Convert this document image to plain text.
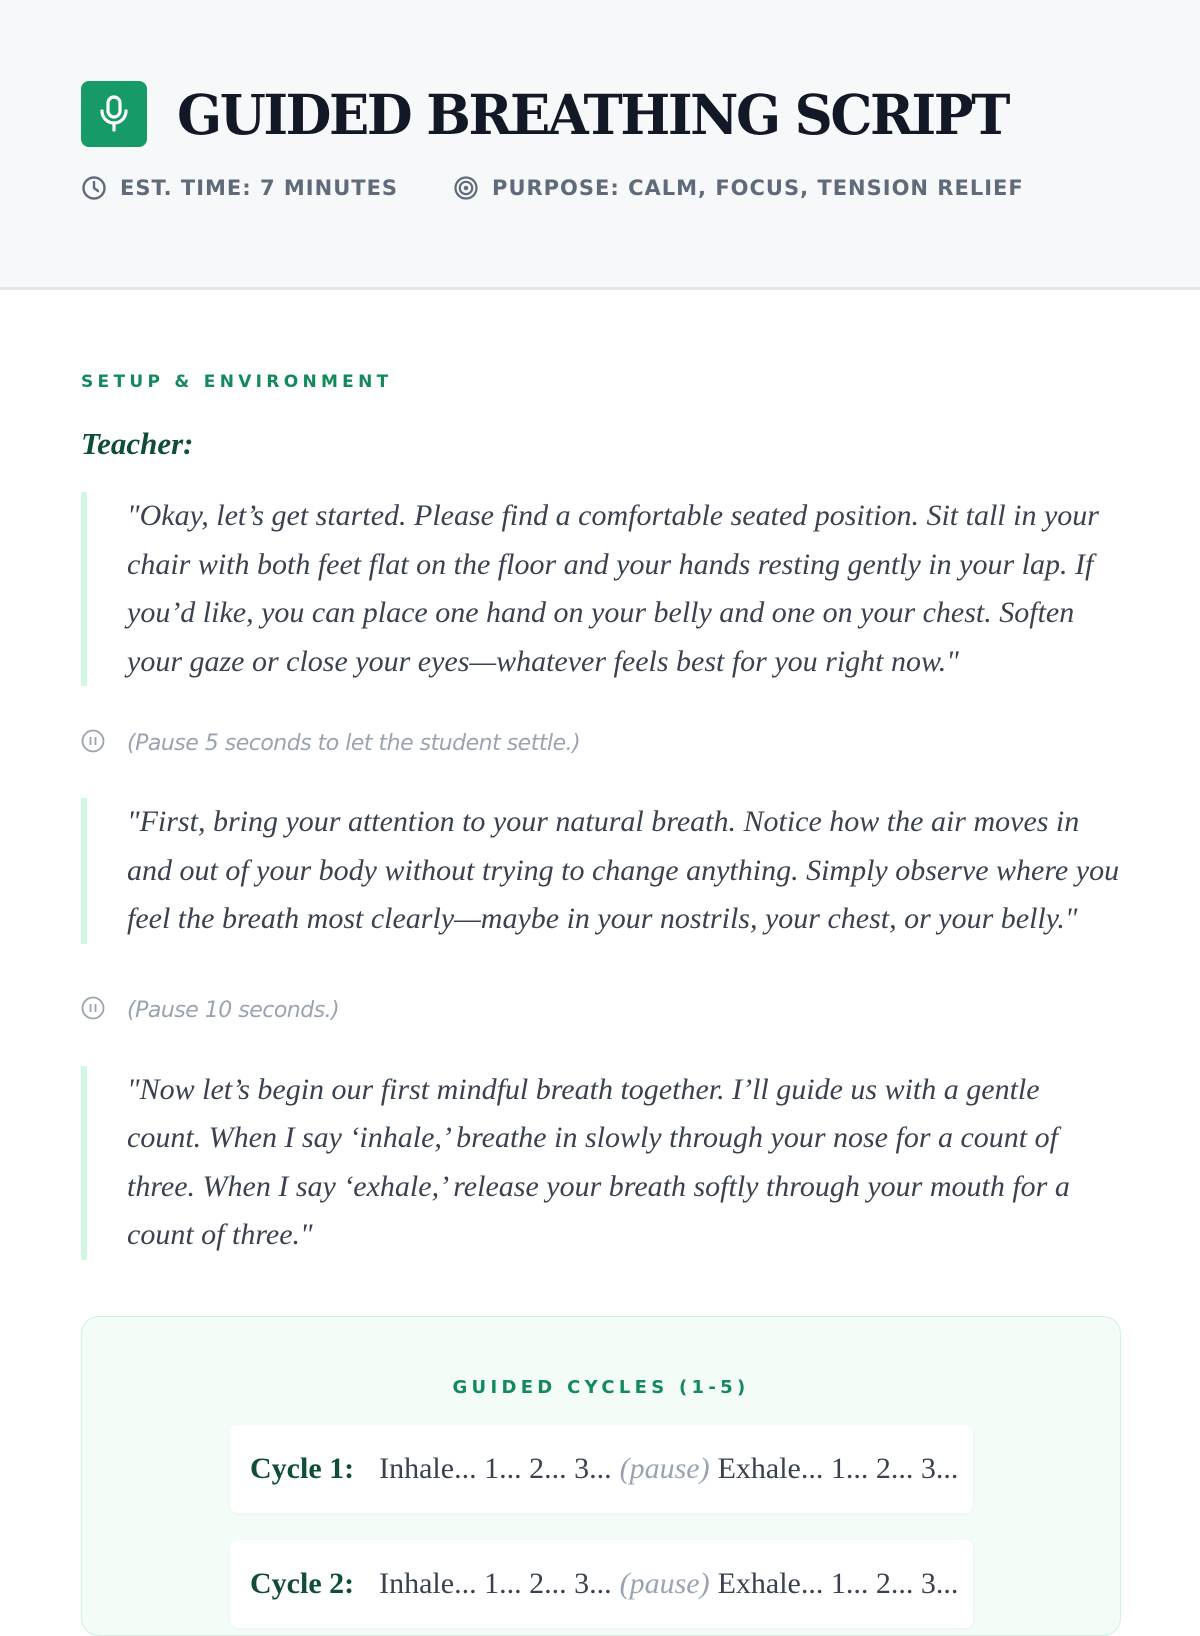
GUIDED BREATHING SCRIPT
EST. TIME: 7 MINUTES	PURPOSE: CALM, FOCUS, TENSION RELIEF
SETUP & ENVIRONMENT
Teacher:

"Okay, let’s get started. Please find a comfortable seated position. Sit tall in your chair with both feet flat on the floor and your hands resting gently in your lap. If you’d like, you can place one hand on your belly and one on your chest. Soften your gaze or close your eyes—whatever feels best for you right now."

(Pause 5 seconds to let the student settle.)

"First, bring your attention to your natural breath. Notice how the air moves in and out of your body without trying to change anything. Simply observe where you feel the breath most clearly—maybe in your nostrils, your chest, or your belly."

(Pause 10 seconds.)

"Now let’s begin our first mindful breath together. I’ll guide us with a gentle count. When I say ‘inhale,’ breathe in slowly through your nose for a count of three. When I say ‘exhale,’ release your breath softly through your mouth for a count of three."

GUIDED CYCLES (1-5)
Cycle 1: Inhale... 1... 2... 3... (pause) Exhale... 1... 2... 3...
Cycle 2: Inhale... 1... 2... 3... (pause) Exhale... 1... 2... 3...
